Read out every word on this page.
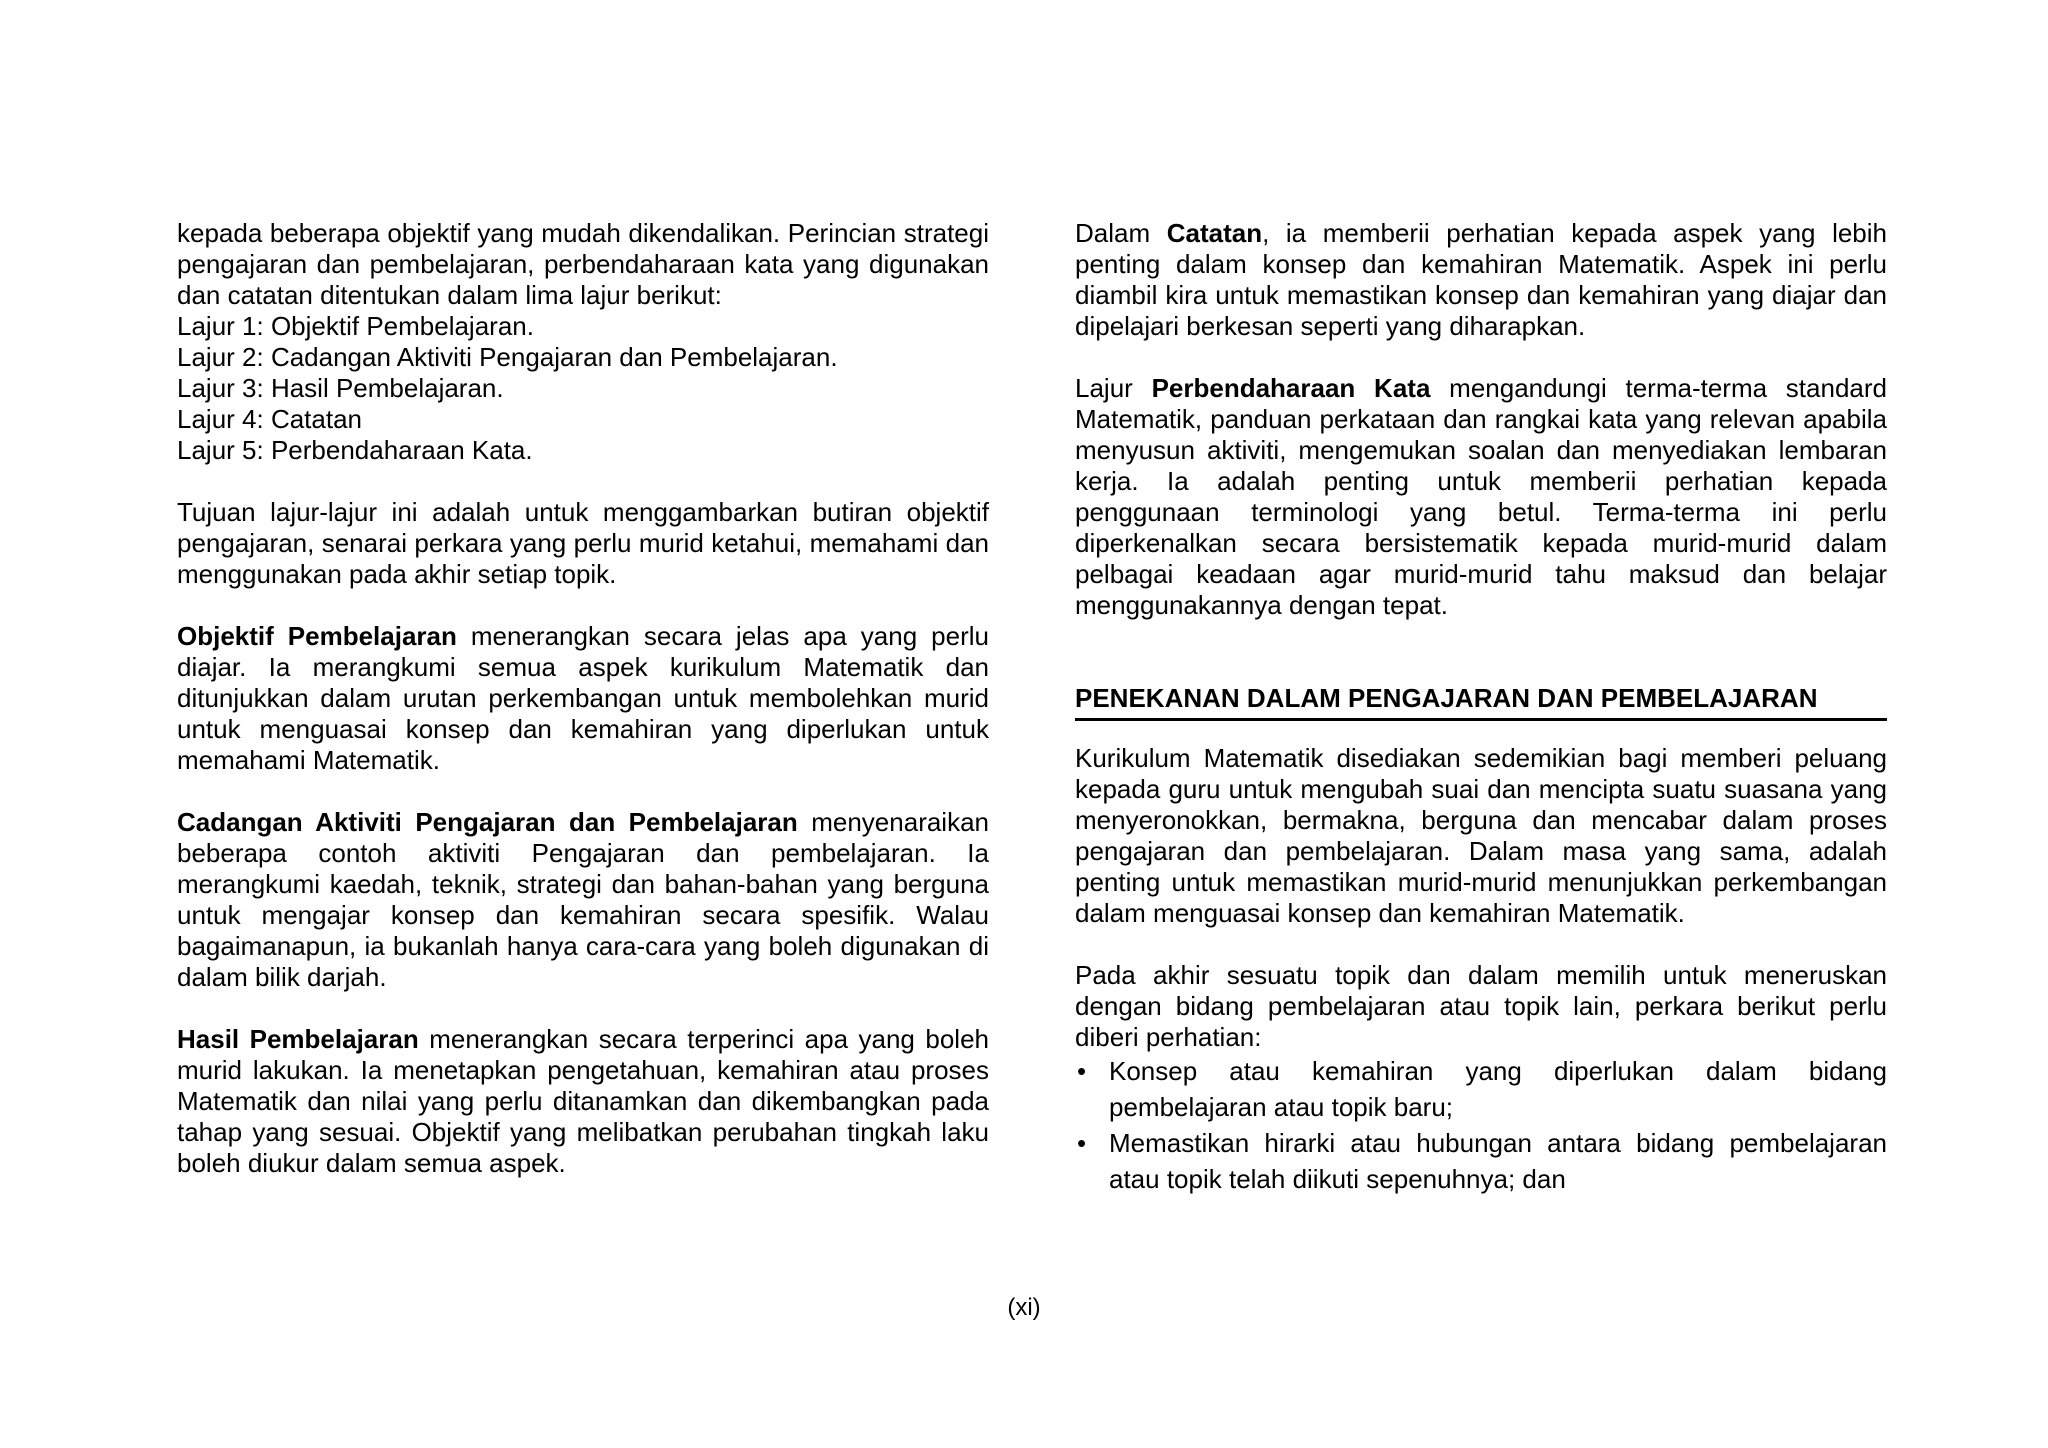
kepada beberapa objektif yang mudah dikendalikan. Perincian strategi pengajaran dan pembelajaran, perbendaharaan kata yang digunakan dan catatan ditentukan dalam lima lajur berikut:

Lajur 1: Objektif Pembelajaran.
Lajur 2: Cadangan Aktiviti Pengajaran dan Pembelajaran.
Lajur 3: Hasil Pembelajaran.
Lajur 4: Catatan
Lajur 5: Perbendaharaan Kata.

Tujuan lajur-lajur ini adalah untuk menggambarkan butiran objektif pengajaran, senarai perkara yang perlu murid ketahui, memahami dan menggunakan pada akhir setiap topik.

Objektif Pembelajaran menerangkan secara jelas apa yang perlu diajar. Ia merangkumi semua aspek kurikulum Matematik dan ditunjukkan dalam urutan perkembangan untuk membolehkan murid untuk menguasai konsep dan kemahiran yang diperlukan untuk memahami Matematik.

Cadangan Aktiviti Pengajaran dan Pembelajaran menyenaraikan beberapa contoh aktiviti Pengajaran dan pembelajaran. Ia merangkumi kaedah, teknik, strategi dan bahan-bahan yang berguna untuk mengajar konsep dan kemahiran secara spesifik. Walau bagaimanapun, ia bukanlah hanya cara-cara yang boleh digunakan di dalam bilik darjah.

Hasil Pembelajaran menerangkan secara terperinci apa yang boleh murid lakukan. Ia menetapkan pengetahuan, kemahiran atau proses Matematik dan nilai yang perlu ditanamkan dan dikembangkan pada tahap yang sesuai. Objektif yang melibatkan perubahan tingkah laku boleh diukur dalam semua aspek.

Dalam Catatan, ia memberii perhatian kepada aspek yang lebih penting dalam konsep dan kemahiran Matematik. Aspek ini perlu diambil kira untuk memastikan konsep dan kemahiran yang diajar dan dipelajari berkesan seperti yang diharapkan.

Lajur Perbendaharaan Kata mengandungi terma-terma standard Matematik, panduan perkataan dan rangkai kata yang relevan apabila menyusun aktiviti, mengemukan soalan dan menyediakan lembaran kerja. Ia adalah penting untuk memberii perhatian kepada penggunaan terminologi yang betul. Terma-terma ini perlu diperkenalkan secara bersistematik kepada murid-murid dalam pelbagai keadaan agar murid-murid tahu maksud dan belajar menggunakannya dengan tepat.

PENEKANAN DALAM PENGAJARAN DAN PEMBELAJARAN

Kurikulum Matematik disediakan sedemikian bagi memberi peluang kepada guru untuk mengubah suai dan mencipta suatu suasana yang menyeronokkan, bermakna, berguna dan mencabar dalam proses pengajaran dan pembelajaran. Dalam masa yang sama, adalah penting untuk memastikan murid-murid menunjukkan perkembangan dalam menguasai konsep dan kemahiran Matematik.

Pada akhir sesuatu topik dan dalam memilih untuk meneruskan dengan bidang pembelajaran atau topik lain, perkara berikut perlu diberi perhatian:

• Konsep atau kemahiran yang diperlukan dalam bidang pembelajaran atau topik baru;
• Memastikan hirarki atau hubungan antara bidang pembelajaran atau topik telah diikuti sepenuhnya; dan
(xi)
